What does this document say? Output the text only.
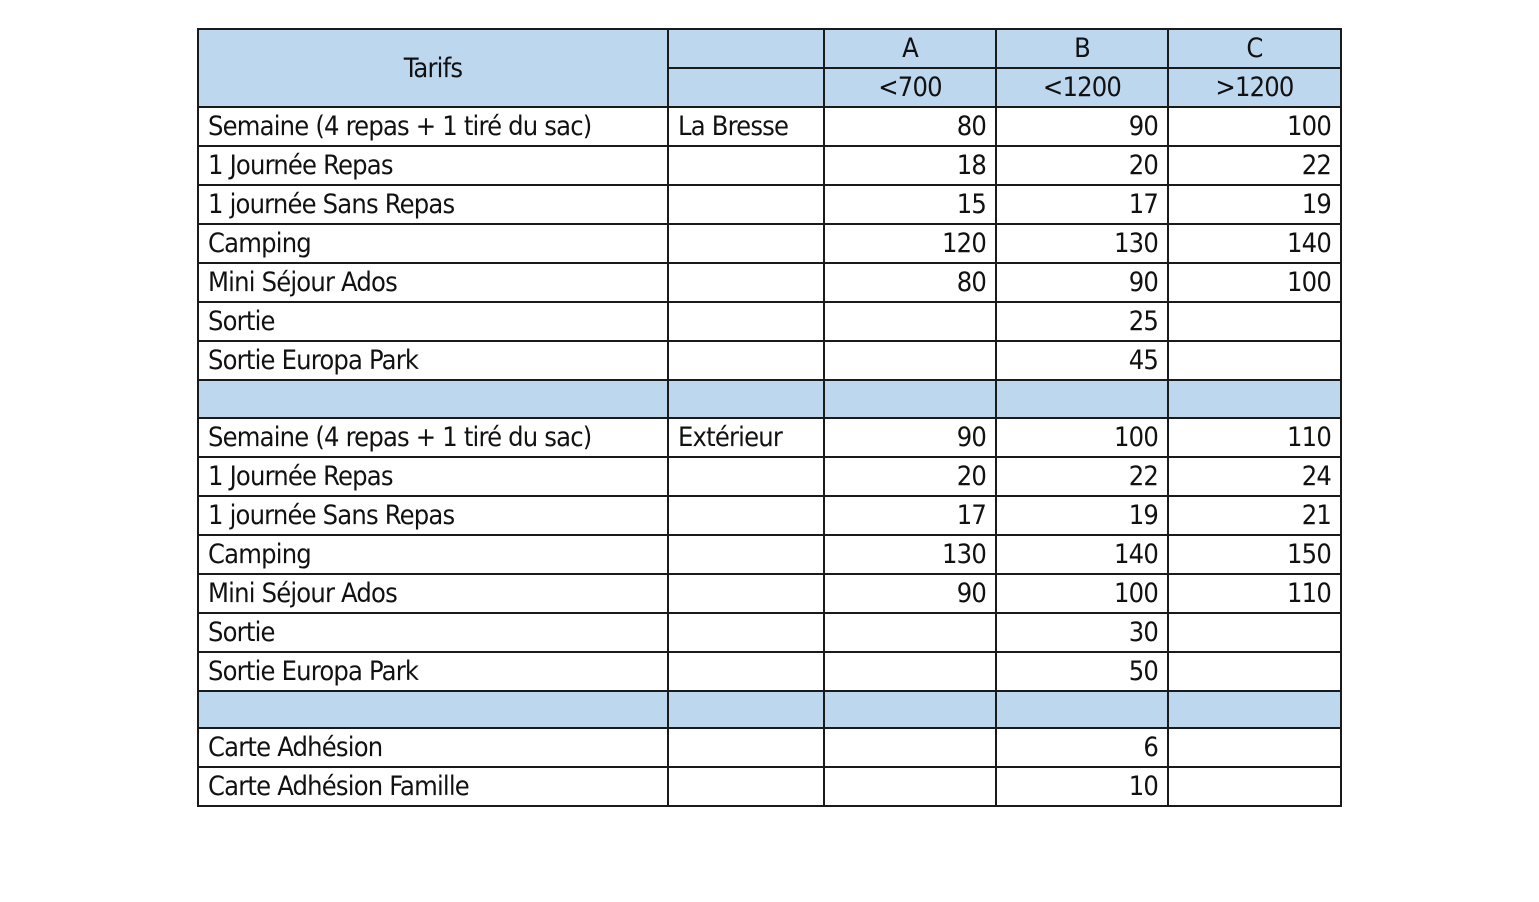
Tarifs		A	B	C
		<700	<1200	>1200
Semaine (4 repas + 1 tiré du sac)	La Bresse	80	90	100
1 Journée Repas		18	20	22
1 journée Sans Repas		15	17	19
Camping		120	130	140
Mini Séjour Ados		80	90	100
Sortie			25	
Sortie Europa Park			45	

Semaine (4 repas + 1 tiré du sac)	Extérieur	90	100	110
1 Journée Repas		20	22	24
1 journée Sans Repas		17	19	21
Camping		130	140	150
Mini Séjour Ados		90	100	110
Sortie			30	
Sortie Europa Park			50	

Carte Adhésion			6	
Carte Adhésion Famille			10	
